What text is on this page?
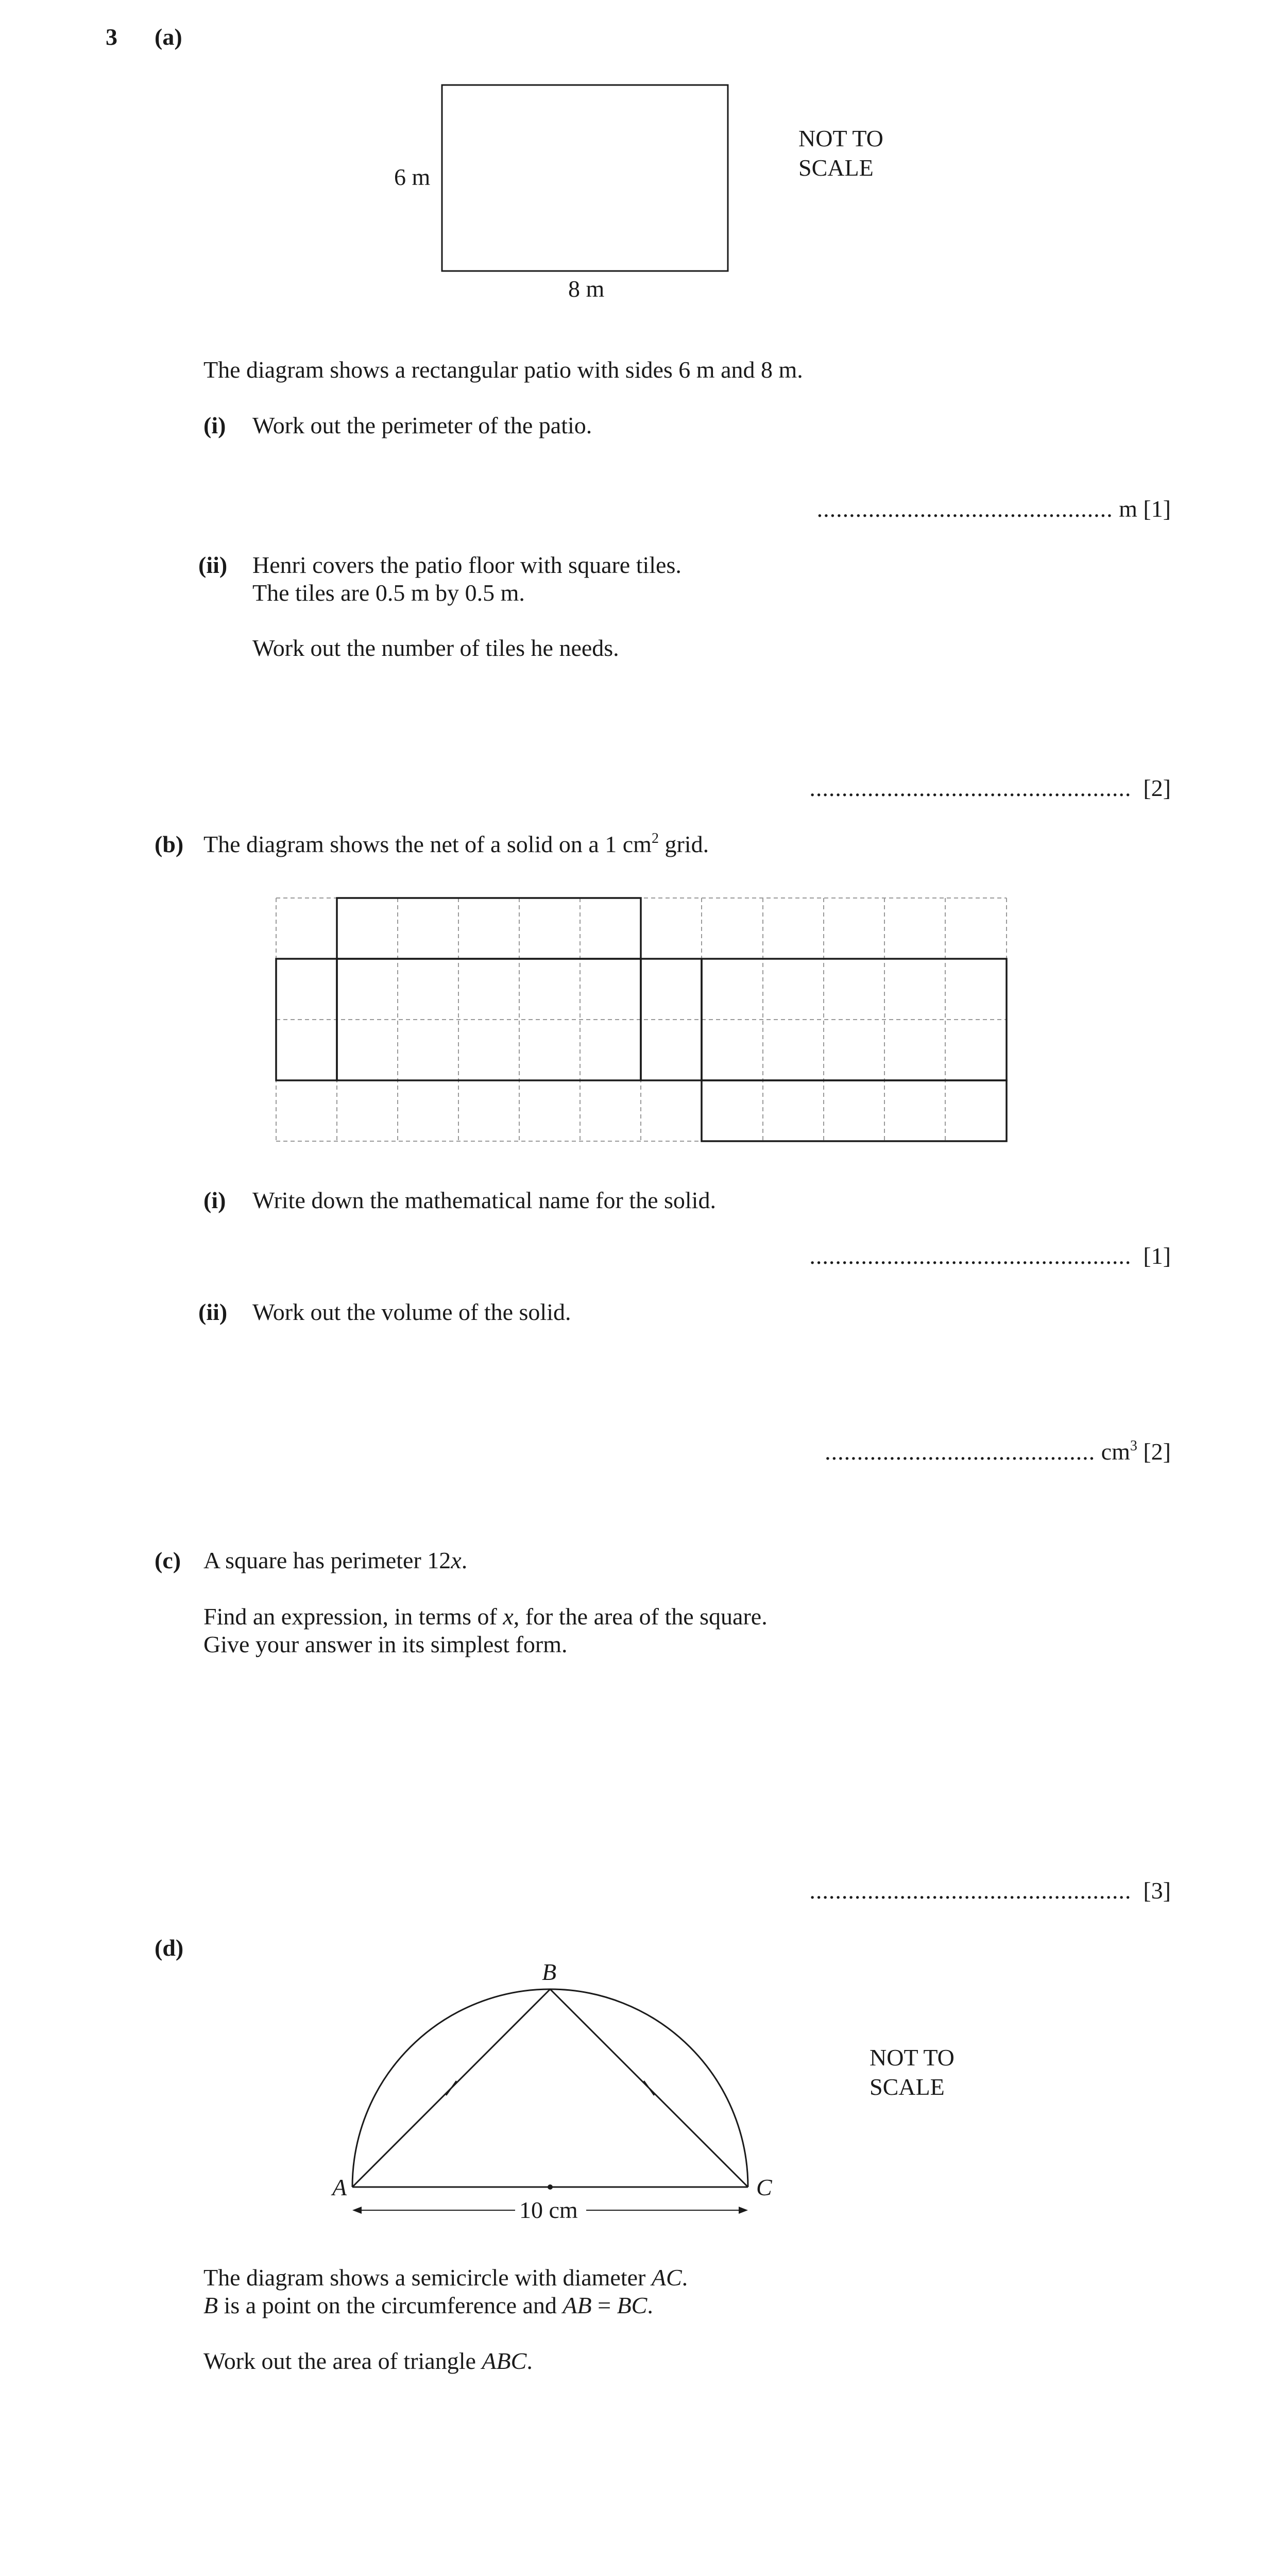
3 (a)
6 m
8 m
NOT TO
SCALE
The diagram shows a rectangular patio with sides 6 m and 8 m.
(i) Work out the perimeter of the patio.
.............................................. m [1]
(ii) Henri covers the patio floor with square tiles.
The tiles are 0.5 m by 0.5 m.
Work out the number of tiles he needs.
.................................................. [2]
(b) The diagram shows the net of a solid on a 1 $cm^2$ grid.
(i) Write down the mathematical name for the solid.
.................................................. [1]
(ii) Work out the volume of the solid.
.......................................... $cm^3$ [2]
(c) A square has perimeter 12x.
Find an expression, in terms of x, for the area of the square.
Give your answer in its simplest form.
.................................................. [3]
(d)
B
A	C
10 cm
NOT TO
SCALE
The diagram shows a semicircle with diameter AC.
B is a point on the circumference and AB = BC.
Work out the area of triangle ABC.
